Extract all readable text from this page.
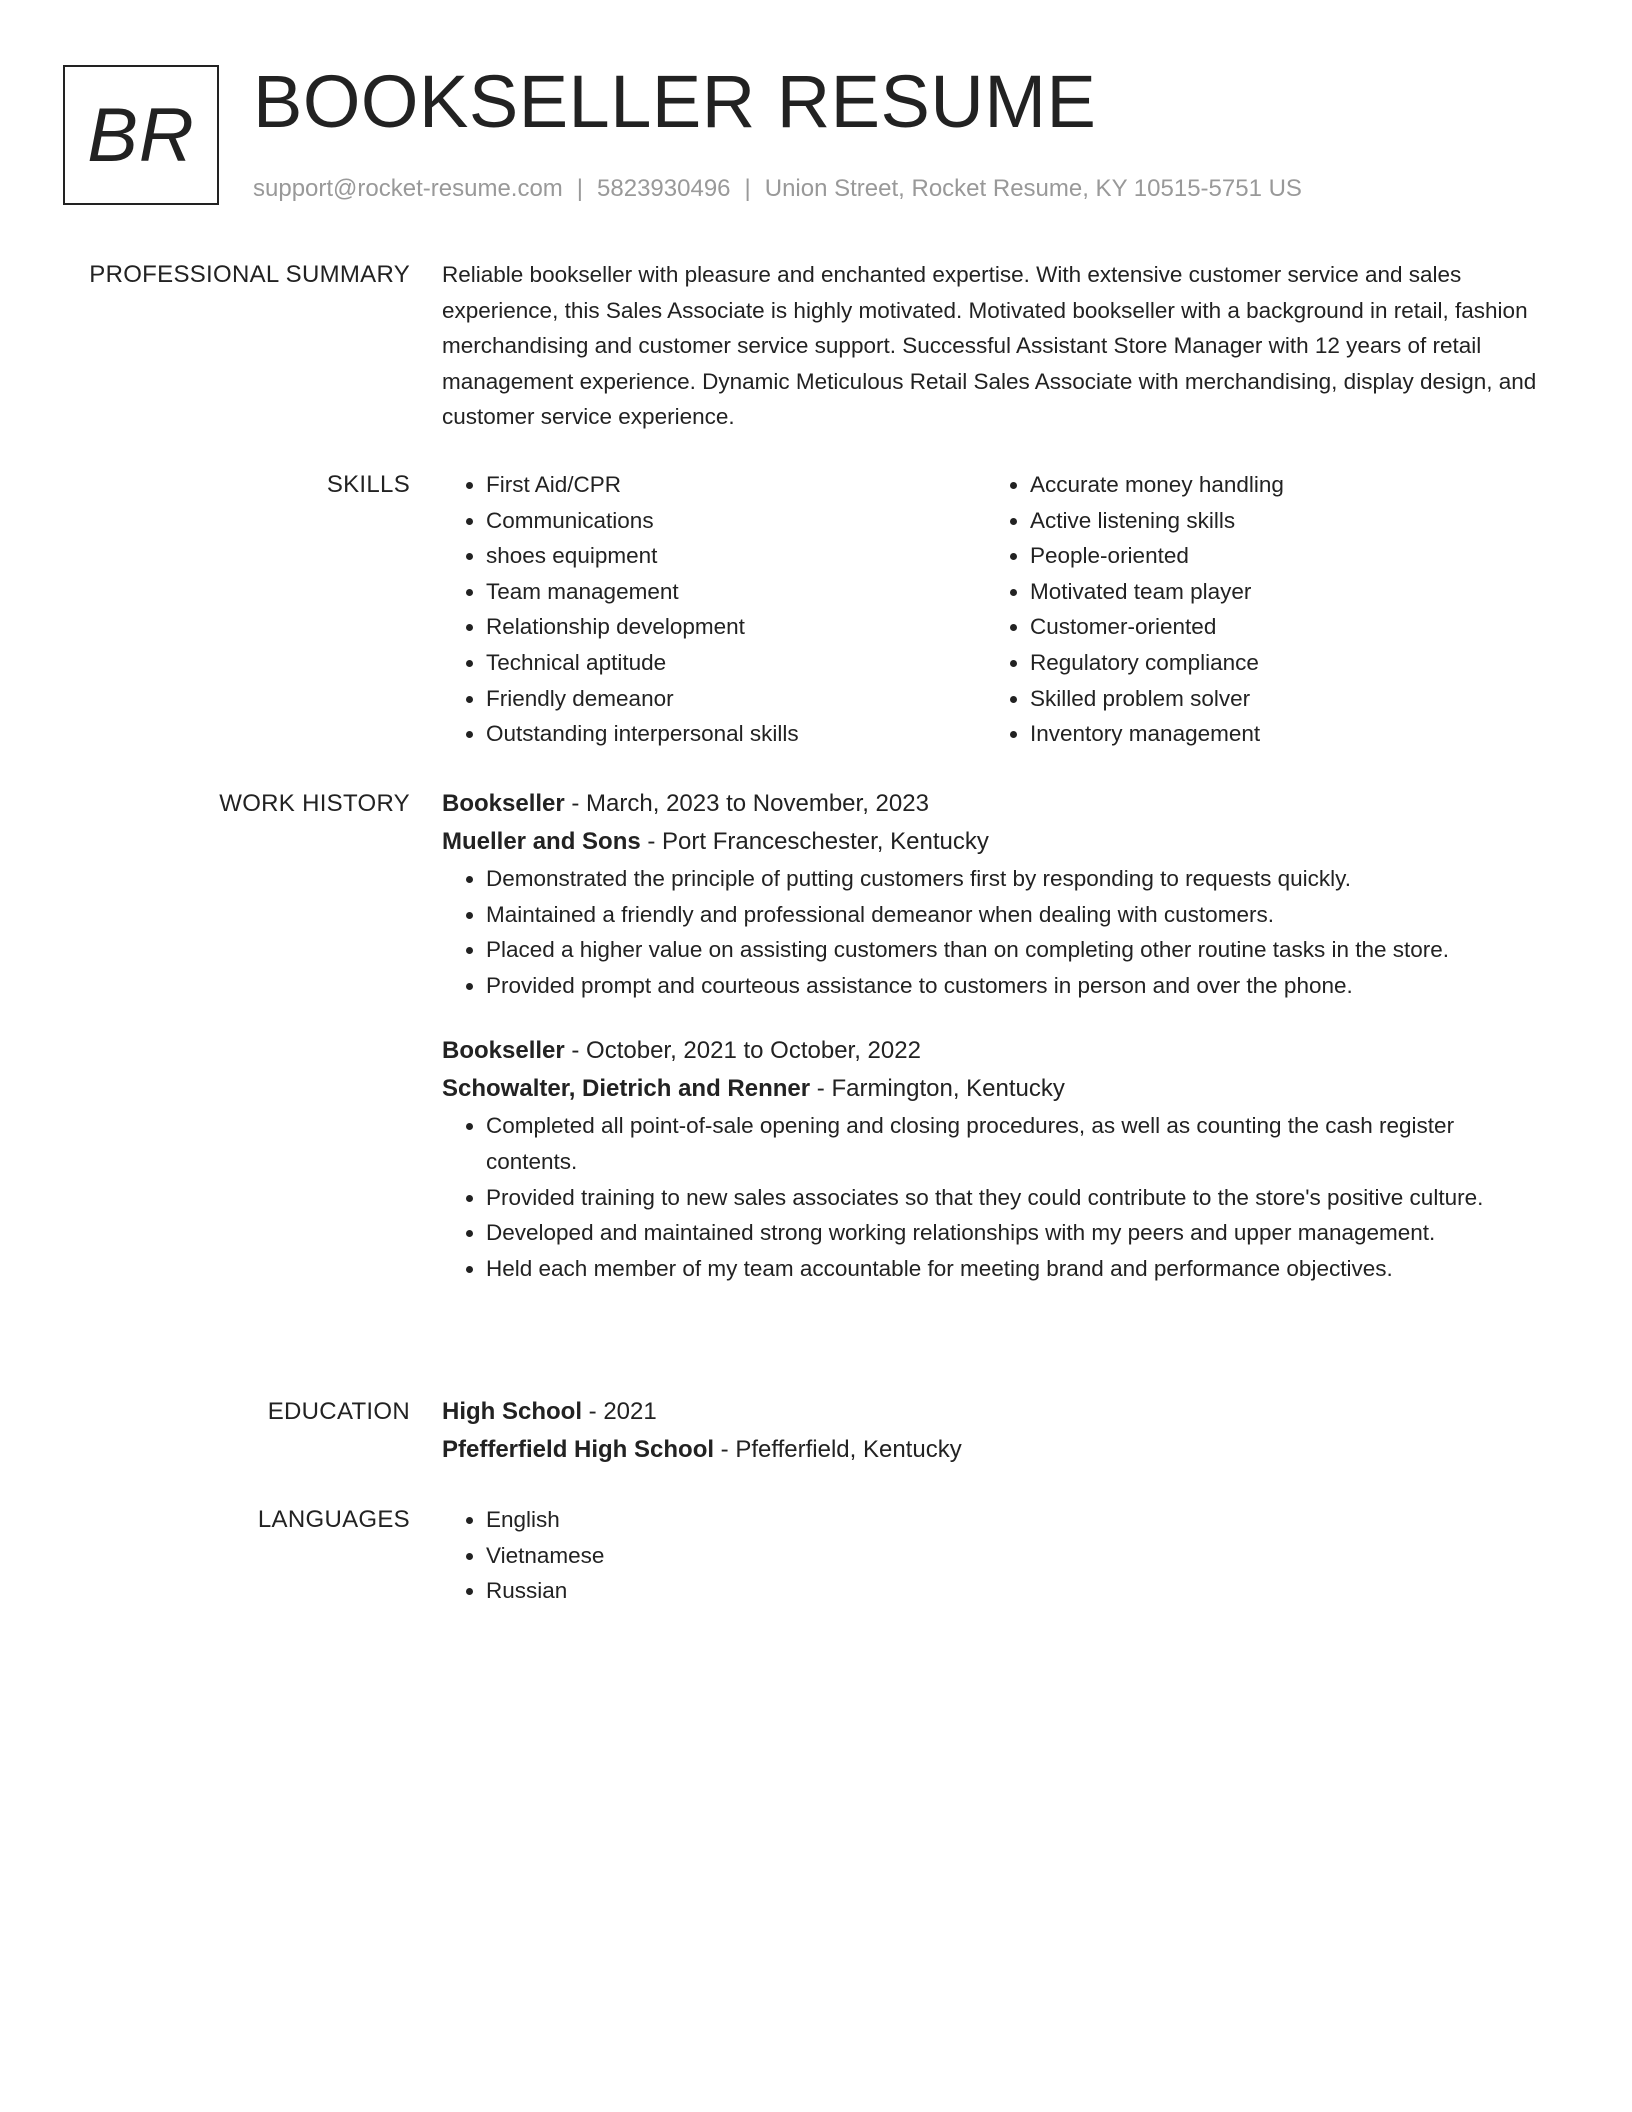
BR BOOKSELLER RESUME
support@rocket-resume.com | 5823930496 | Union Street, Rocket Resume, KY 10515-5751 US
PROFESSIONAL SUMMARY Reliable bookseller with pleasure and enchanted expertise. With extensive customer service and sales experience, this Sales Associate is highly motivated. Motivated bookseller with a background in retail, fashion merchandising and customer service support. Successful Assistant Store Manager with 12 years of retail management experience. Dynamic Meticulous Retail Sales Associate with merchandising, display design, and customer service experience.

SKILLS	• First Aid/CPR
• Communications
• shoes equipment
• Team management
• Relationship development
• Technical aptitude
• Friendly demeanor
• Outstanding interpersonal skills
• Accurate money handling
• Active listening skills
• People-oriented
• Motivated team player
• Customer-oriented
• Regulatory compliance
• Skilled problem solver
• Inventory management
WORK HISTORY Bookseller - March, 2023 to November, 2023
Mueller and Sons - Port Franceschester, Kentucky
• Demonstrated the principle of putting customers first by responding to requests quickly.
• Maintained a friendly and professional demeanor when dealing with customers.
• Placed a higher value on assisting customers than on completing other routine tasks in the store.
• Provided prompt and courteous assistance to customers in person and over the phone.
Bookseller - October, 2021 to October, 2022
Schowalter, Dietrich and Renner - Farmington, Kentucky
• Completed all point-of-sale opening and closing procedures, as well as counting the cash register contents.
• Provided training to new sales associates so that they could contribute to the store's positive culture.
• Developed and maintained strong working relationships with my peers and upper management.
• Held each member of my team accountable for meeting brand and performance objectives.
EDUCATION High School - 2021
Pfefferfield High School - Pfefferfield, Kentucky
LANGUAGES	• English
• Vietnamese
• Russian
